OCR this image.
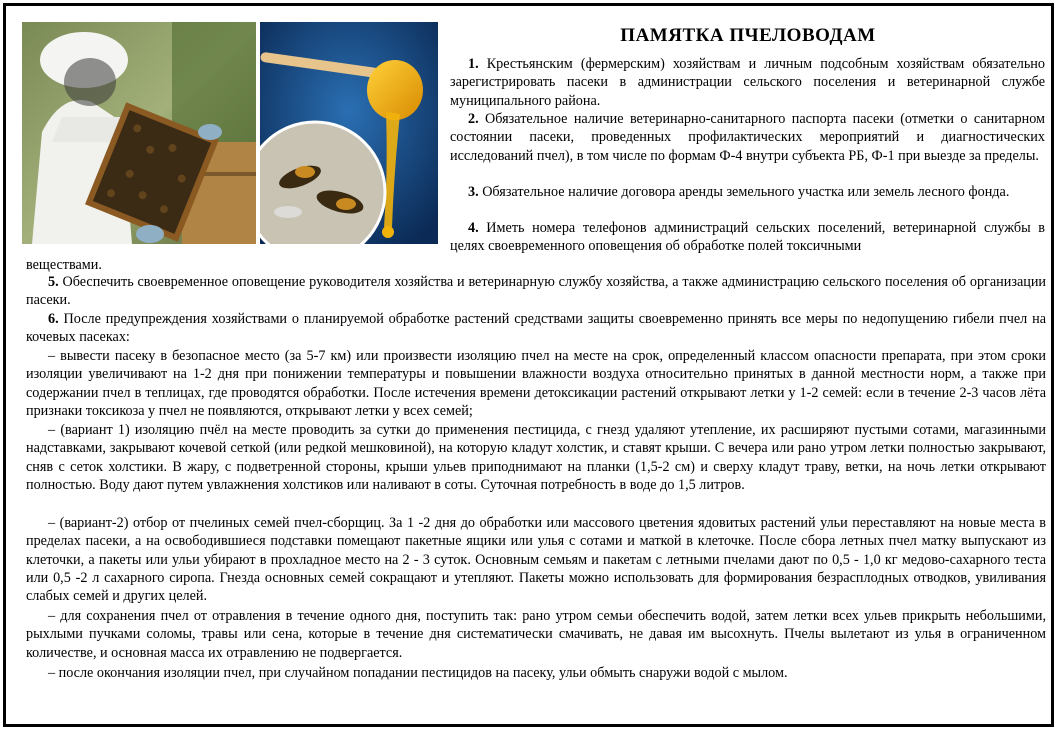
ПАМЯТКА ПЧЕЛОВОДАМ

1. Крестьянским (фермерским) хозяйствам и личным подсобным хозяйствам обязательно зарегистрировать пасеки в администрации сельского поселения и ветеринарной службе муниципального района.

2. Обязательное наличие ветеринарно-санитарного паспорта пасеки (отметки о санитарном состоянии пасеки, проведенных профилактических мероприятий и диагностических исследований пчел), в том числе по формам Ф-4 внутри субъекта РБ, Ф-1 при выезде за пределы.

3. Обязательное наличие договора аренды земельного участка или земель лесного фонда.

4. Иметь номера телефонов администраций сельских поселений, ветеринарной службы в целях своевременного оповещения об обработке полей токсичными

веществами.

5. Обеспечить своевременное оповещение руководителя хозяйства и ветеринарную службу хозяйства, а также администрацию сельского поселения об организации пасеки.

6. После предупреждения хозяйствами о планируемой обработке растений средствами защиты своевременно принять все меры по недопущению гибели пчел на кочевых пасеках:

– вывести пасеку в безопасное место (за 5-7 км) или произвести изоляцию пчел на месте на срок, определенный классом опасности препарата, при этом сроки изоляции увеличивают на 1-2 дня при понижении температуры и повышении влажности воздуха относительно принятых в данной местности норм, а также при содержании пчел в теплицах, где проводятся обработки. После истечения времени детоксикации растений открывают летки у 1-2 семей: если в течение 2-3 часов лёта признаки токсикоза у пчел не появляются, открывают летки у всех семей;

– (вариант 1) изоляцию пчёл на месте проводить за сутки до применения пестицида, с гнезд удаляют утепление, их расширяют пустыми сотами, магазинными надставками, закрывают кочевой сеткой (или редкой мешковиной), на которую кладут холстик, и ставят крыши. С вечера или рано утром летки полностью закрывают, сняв с сеток холстики. В жару, с подветренной стороны, крыши ульев приподнимают на планки (1,5-2 см) и сверху кладут траву, ветки, на ночь летки открывают полностью. Воду дают путем увлажнения холстиков или наливают в соты. Суточная потребность в воде до 1,5 литров.

– (вариант-2) отбор от пчелиных семей пчел-сборщиц. За 1 -2 дня до обработки или массового цветения ядовитых растений ульи переставляют на новые места в пределах пасеки, а на освободившиеся подставки помещают пакетные ящики или улья с сотами и маткой в клеточке. После сбора летных пчел матку выпускают из клеточки, а пакеты или ульи убирают в прохладное место на 2 - 3 суток. Основным семьям и пакетам с летными пчелами дают по 0,5 - 1,0 кг медово-сахарного теста или 0,5 -2 л сахарного сиропа. Гнезда основных семей сокращают и утепляют. Пакеты можно использовать для формирования безрасплодных отводков, увиливания слабых семей и других целей.

– для сохранения пчел от отравления в течение одного дня, поступить так: рано утром семьи обеспечить водой, затем летки всех ульев прикрыть небольшими, рыхлыми пучками соломы, травы или сена, которые в течение дня систематически смачивать, не давая им высохнуть. Пчелы вылетают из улья в ограниченном количестве, и основная масса их отравлению не подвергается.

– после окончания изоляции пчел, при случайном попадании пестицидов на пасеку, ульи обмыть снаружи водой с мылом.
